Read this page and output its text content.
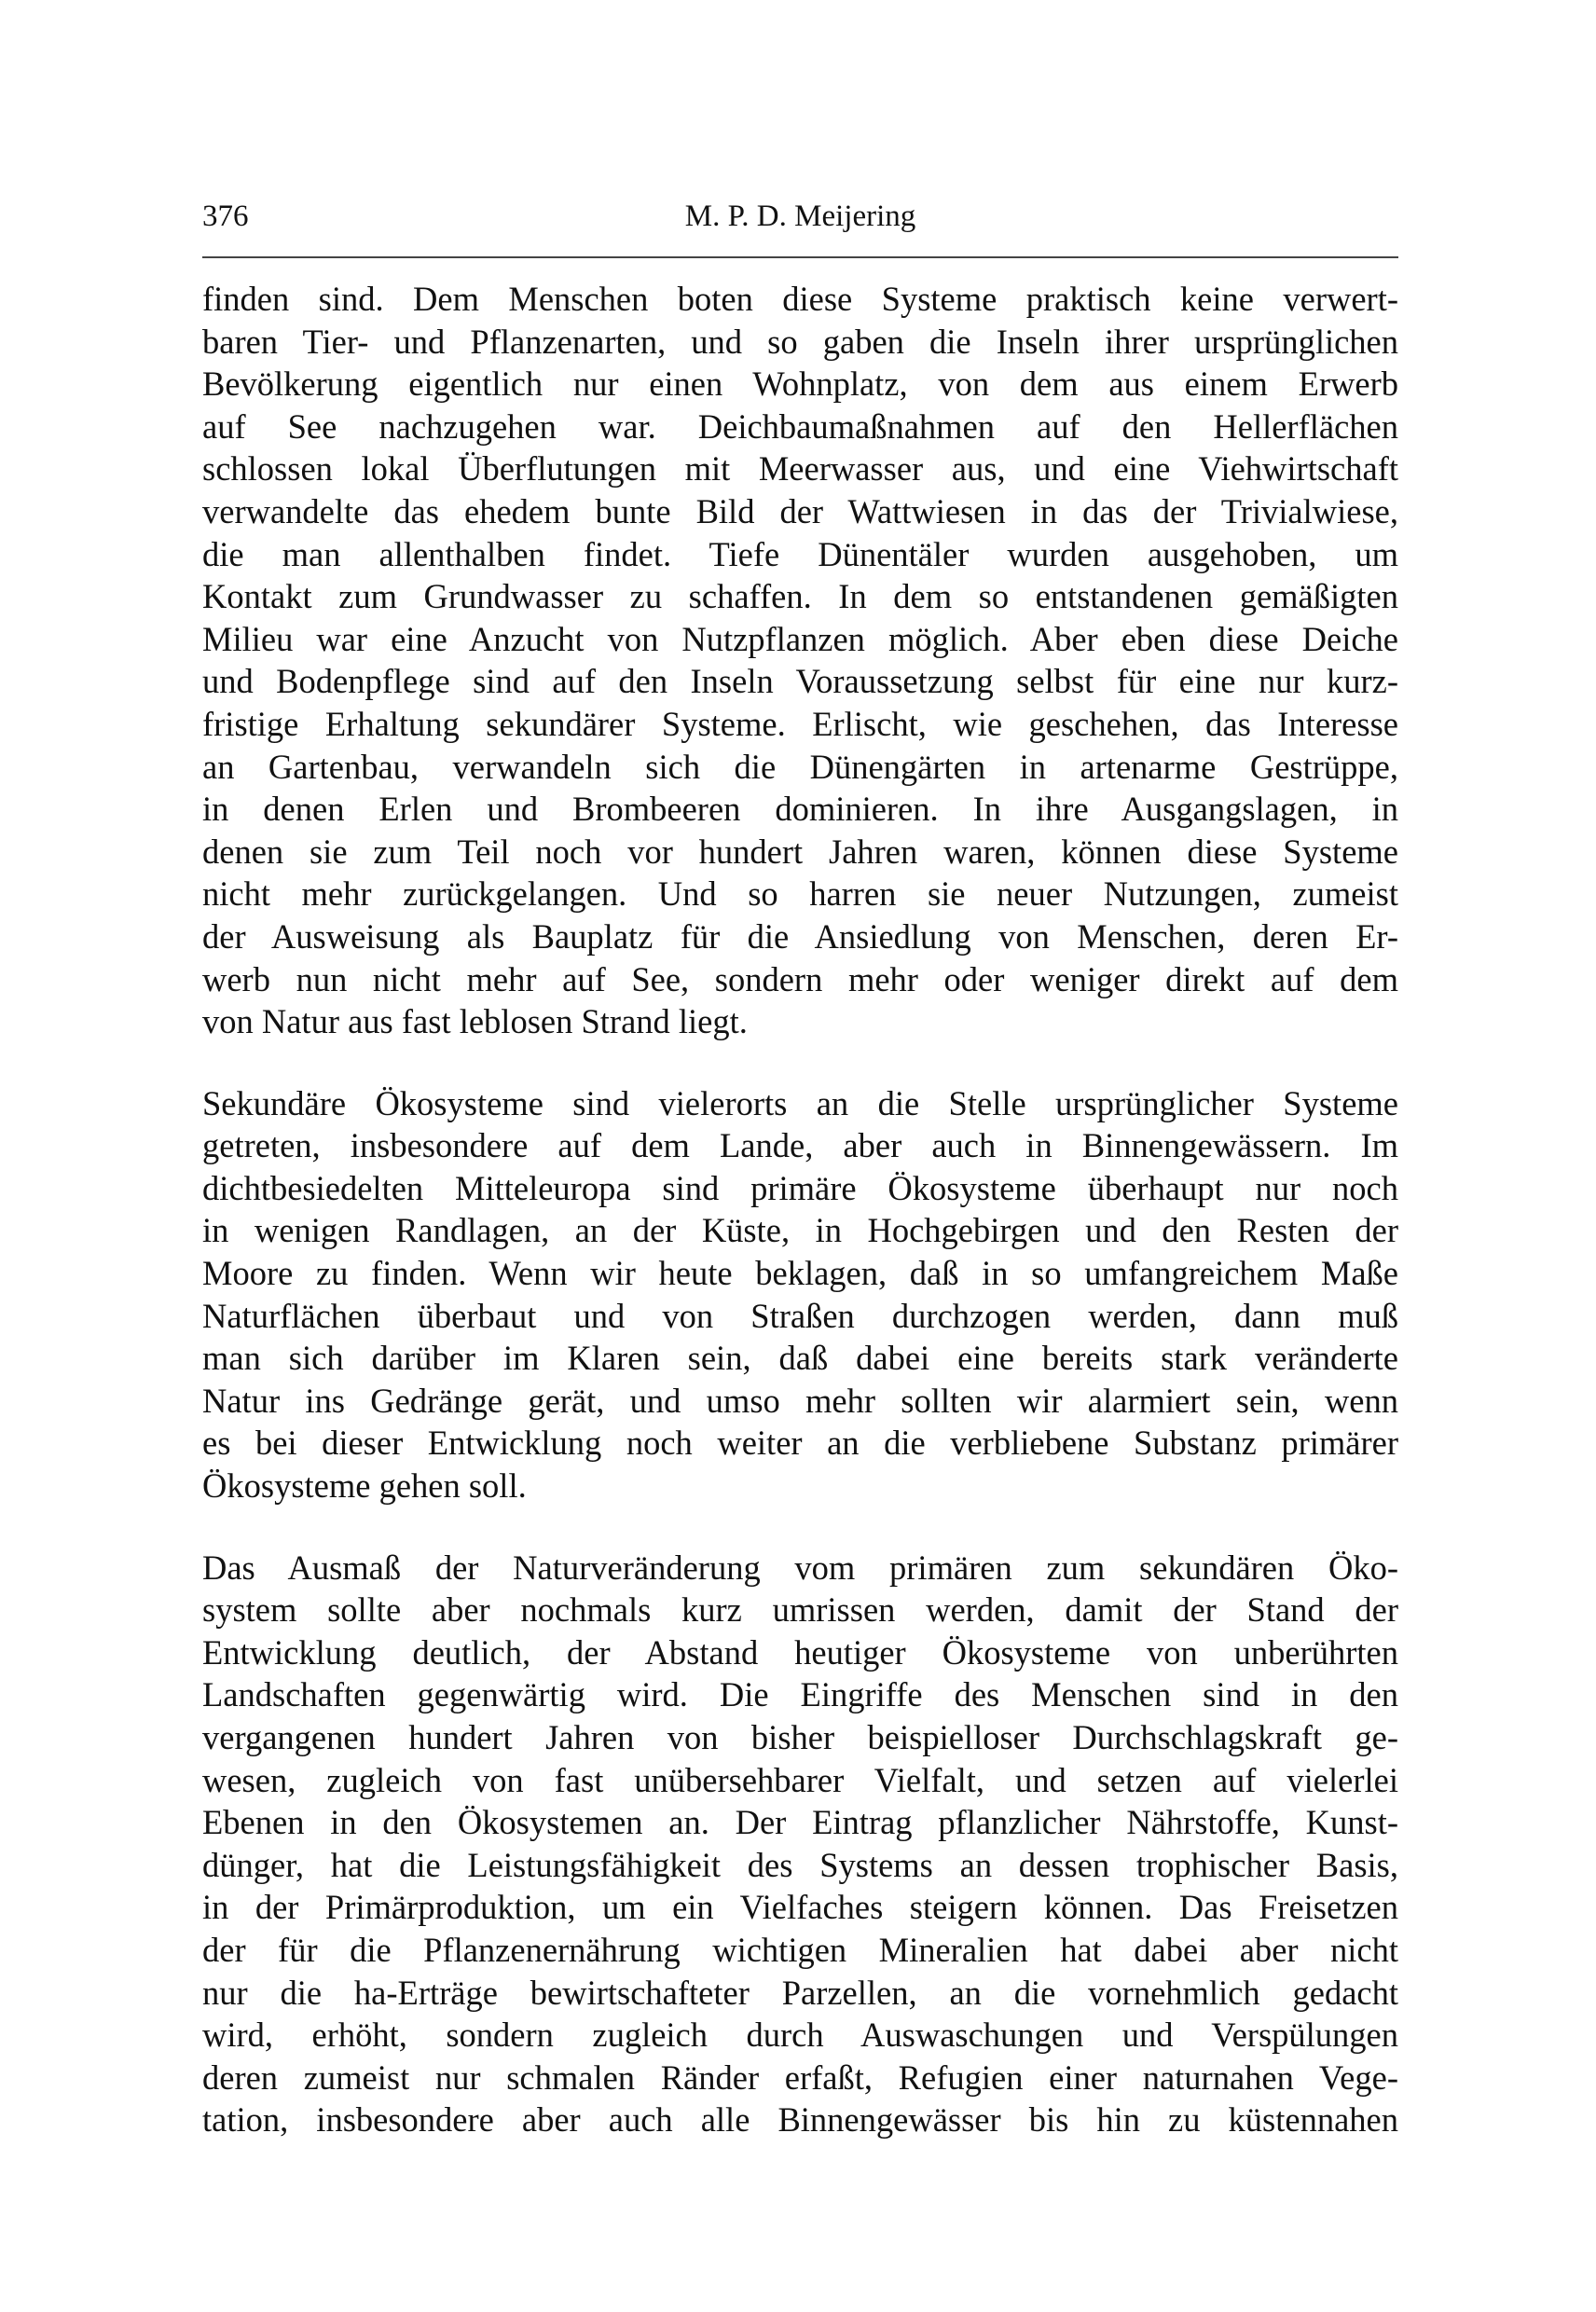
376	M. P. D. Meijering
finden sind. Dem Menschen boten diese Systeme praktisch keine verwert-
baren Tier- und Pflanzenarten, und so gaben die Inseln ihrer ursprünglichen
Bevölkerung eigentlich nur einen Wohnplatz, von dem aus einem Erwerb
auf See nachzugehen war. Deichbaumaßnahmen auf den Hellerflächen
schlossen lokal Überflutungen mit Meerwasser aus, und eine Viehwirtschaft
verwandelte das ehedem bunte Bild der Wattwiesen in das der Trivialwiese,
die man allenthalben findet. Tiefe Dünentäler wurden ausgehoben, um
Kontakt zum Grundwasser zu schaffen. In dem so entstandenen gemäßigten
Milieu war eine Anzucht von Nutzpflanzen möglich. Aber eben diese Deiche
und Bodenpflege sind auf den Inseln Voraussetzung selbst für eine nur kurz-
fristige Erhaltung sekundärer Systeme. Erlischt, wie geschehen, das Interesse
an Gartenbau, verwandeln sich die Dünengärten in artenarme Gestrüppe,
in denen Erlen und Brombeeren dominieren. In ihre Ausgangslagen, in
denen sie zum Teil noch vor hundert Jahren waren, können diese Systeme
nicht mehr zurückgelangen. Und so harren sie neuer Nutzungen, zumeist
der Ausweisung als Bauplatz für die Ansiedlung von Menschen, deren Er-
werb nun nicht mehr auf See, sondern mehr oder weniger direkt auf dem
von Natur aus fast leblosen Strand liegt.
Sekundäre Ökosysteme sind vielerorts an die Stelle ursprünglicher Systeme
getreten, insbesondere auf dem Lande, aber auch in Binnengewässern. Im
dichtbesiedelten Mitteleuropa sind primäre Ökosysteme überhaupt nur noch
in wenigen Randlagen, an der Küste, in Hochgebirgen und den Resten der
Moore zu finden. Wenn wir heute beklagen, daß in so umfangreichem Maße
Naturflächen überbaut und von Straßen durchzogen werden, dann muß
man sich darüber im Klaren sein, daß dabei eine bereits stark veränderte
Natur ins Gedränge gerät, und umso mehr sollten wir alarmiert sein, wenn
es bei dieser Entwicklung noch weiter an die verbliebene Substanz primärer
Ökosysteme gehen soll.
Das Ausmaß der Naturveränderung vom primären zum sekundären Öko-
system sollte aber nochmals kurz umrissen werden, damit der Stand der
Entwicklung deutlich, der Abstand heutiger Ökosysteme von unberührten
Landschaften gegenwärtig wird. Die Eingriffe des Menschen sind in den
vergangenen hundert Jahren von bisher beispielloser Durchschlagskraft ge-
wesen, zugleich von fast unübersehbarer Vielfalt, und setzen auf vielerlei
Ebenen in den Ökosystemen an. Der Eintrag pflanzlicher Nährstoffe, Kunst-
dünger, hat die Leistungsfähigkeit des Systems an dessen trophischer Basis,
in der Primärproduktion, um ein Vielfaches steigern können. Das Freisetzen
der für die Pflanzenernährung wichtigen Mineralien hat dabei aber nicht
nur die ha-Erträge bewirtschafteter Parzellen, an die vornehmlich gedacht
wird, erhöht, sondern zugleich durch Auswaschungen und Verspülungen
deren zumeist nur schmalen Ränder erfaßt, Refugien einer naturnahen Vege-
tation, insbesondere aber auch alle Binnengewässer bis hin zu küstennahen
